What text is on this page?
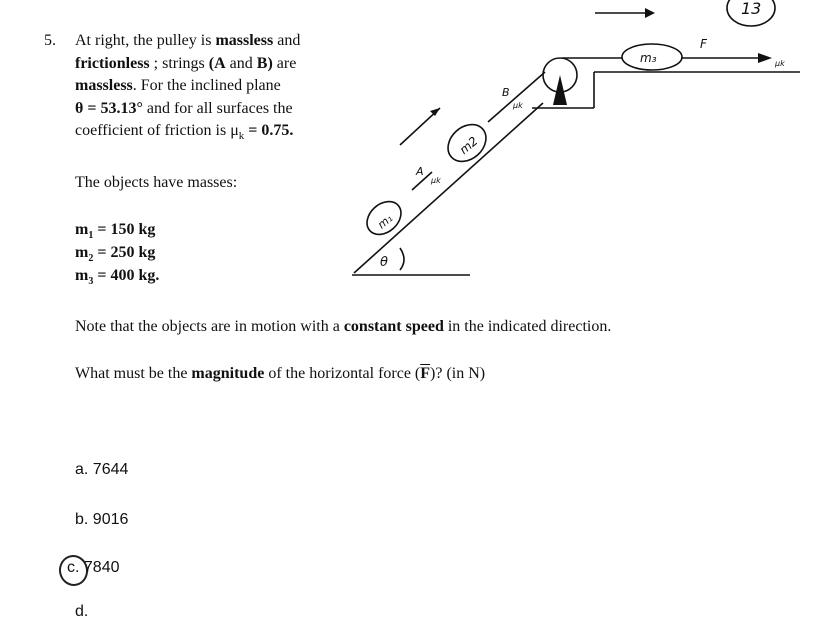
5. At right, the pulley is massless and
frictionless ; strings (A and B) are
massless. For the inclined plane
θ = 53.13° and for all surfaces the
coefficient of friction is $\mu_k = 0.75$.
The objects have masses:
$m_1 = 150$ kg
$m_2 = 250$ kg
$m_3 = 400$ kg.
Note that the objects are in motion with a constant speed in the indicated direction.
What must be the magnitude of the horizontal force $(\overline{F})$? (in N)
a. 7644
b. 9016
c. 7840
d.
m₁
m2
m₃
A
B
F
μk
μk
μk
θ
13
